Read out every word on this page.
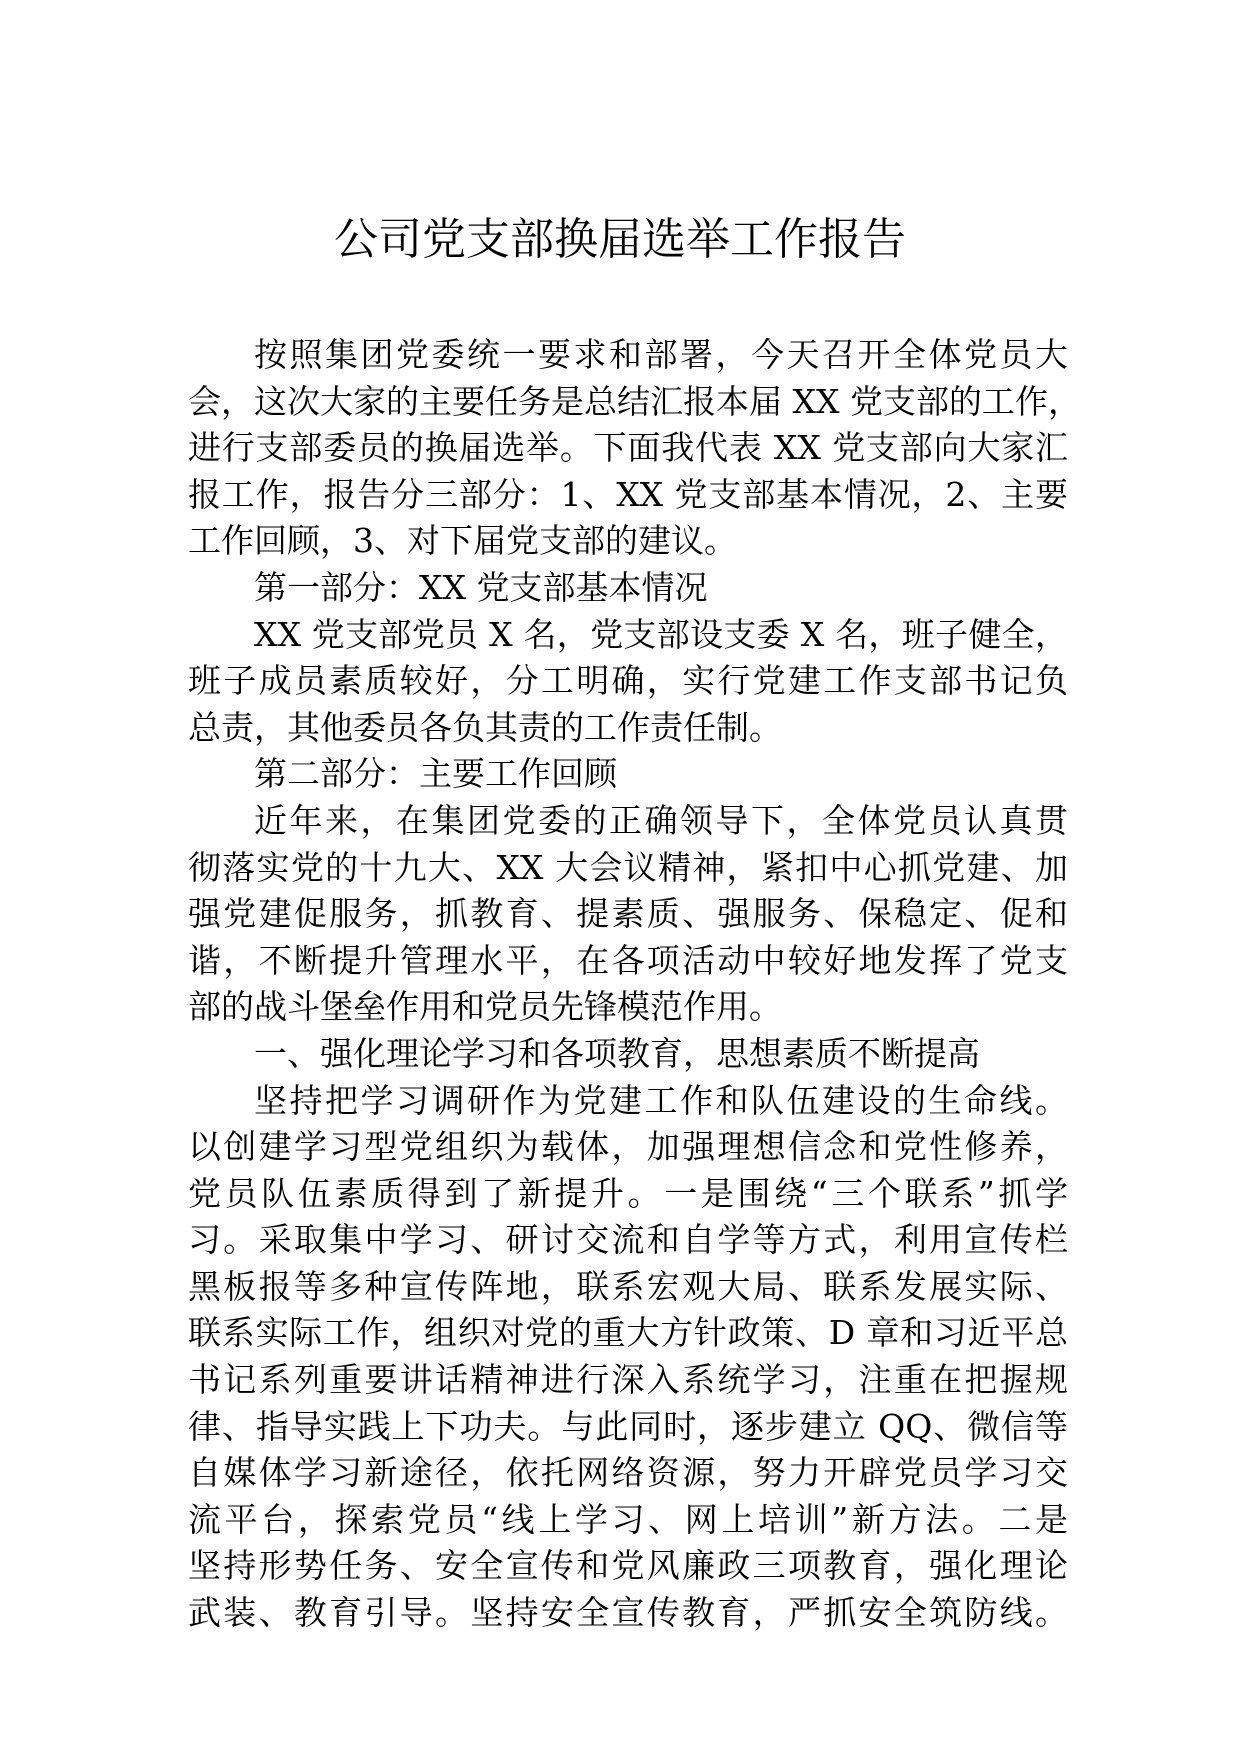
公司党支部换届选举工作报告
按照集团党委统一要求和部署，今天召开全体党员大
会，这次大家的主要任务是总结汇报本届 XX 党支部的工作，
进行支部委员的换届选举。下面我代表 XX 党支部向大家汇
报工作，报告分三部分：1、XX 党支部基本情况，2、主要
工作回顾，3、对下届党支部的建议。
第一部分：XX 党支部基本情况
XX 党支部党员 X 名，党支部设支委 X 名，班子健全，
班子成员素质较好，分工明确，实行党建工作支部书记负
总责，其他委员各负其责的工作责任制。
第二部分：主要工作回顾
近年来，在集团党委的正确领导下，全体党员认真贯
彻落实党的十九大、XX 大会议精神，紧扣中心抓党建、加
强党建促服务，抓教育、提素质、强服务、保稳定、促和
谐，不断提升管理水平，在各项活动中较好地发挥了党支
部的战斗堡垒作用和党员先锋模范作用。
一、强化理论学习和各项教育，思想素质不断提高
坚持把学习调研作为党建工作和队伍建设的生命线。
以创建学习型党组织为载体，加强理想信念和党性修养，
党员队伍素质得到了新提升。一是围绕“三个联系”抓学
习。采取集中学习、研讨交流和自学等方式，利用宣传栏
黑板报等多种宣传阵地，联系宏观大局、联系发展实际、
联系实际工作，组织对党的重大方针政策、D 章和习近平总
书记系列重要讲话精神进行深入系统学习，注重在把握规
律、指导实践上下功夫。与此同时，逐步建立 QQ、微信等
自媒体学习新途径，依托网络资源，努力开辟党员学习交
流平台，探索党员“线上学习、网上培训”新方法。二是
坚持形势任务、安全宣传和党风廉政三项教育，强化理论
武装、教育引导。坚持安全宣传教育，严抓安全筑防线。
